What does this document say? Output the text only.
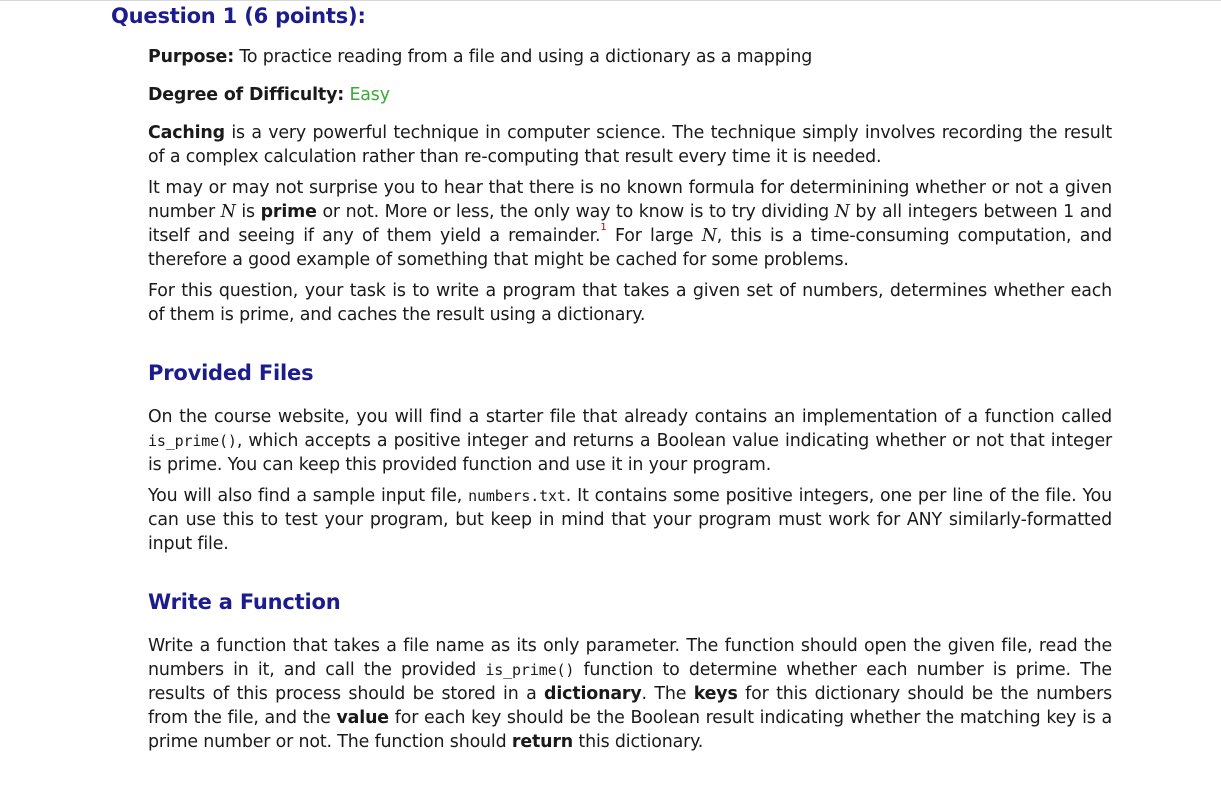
Question 1 (6 points):

Purpose: To practice reading from a file and using a dictionary as a mapping

Degree of Difficulty: Easy

Caching is a very powerful technique in computer science. The technique simply involves recording the result of a complex calculation rather than re-computing that result every time it is needed.

It may or may not surprise you to hear that there is no known formula for determinining whether or not a given number N is prime or not. More or less, the only way to know is to try dividing N by all integers between 1 and itself and seeing if any of them yield a remainder.$^1$ For large N, this is a time-consuming computation, and therefore a good example of something that might be cached for some problems.

For this question, your task is to write a program that takes a given set of numbers, determines whether each of them is prime, and caches the result using a dictionary.

Provided Files

On the course website, you will find a starter file that already contains an implementation of a function called is_prime(), which accepts a positive integer and returns a Boolean value indicating whether or not that integer is prime. You can keep this provided function and use it in your program.

You will also find a sample input file, numbers.txt. It contains some positive integers, one per line of the file. You can use this to test your program, but keep in mind that your program must work for ANY similarly-formatted input file.

Write a Function

Write a function that takes a file name as its only parameter. The function should open the given file, read the numbers in it, and call the provided is_prime() function to determine whether each number is prime. The results of this process should be stored in a dictionary. The keys for this dictionary should be the numbers from the file, and the value for each key should be the Boolean result indicating whether the matching key is a prime number or not. The function should return this dictionary.
